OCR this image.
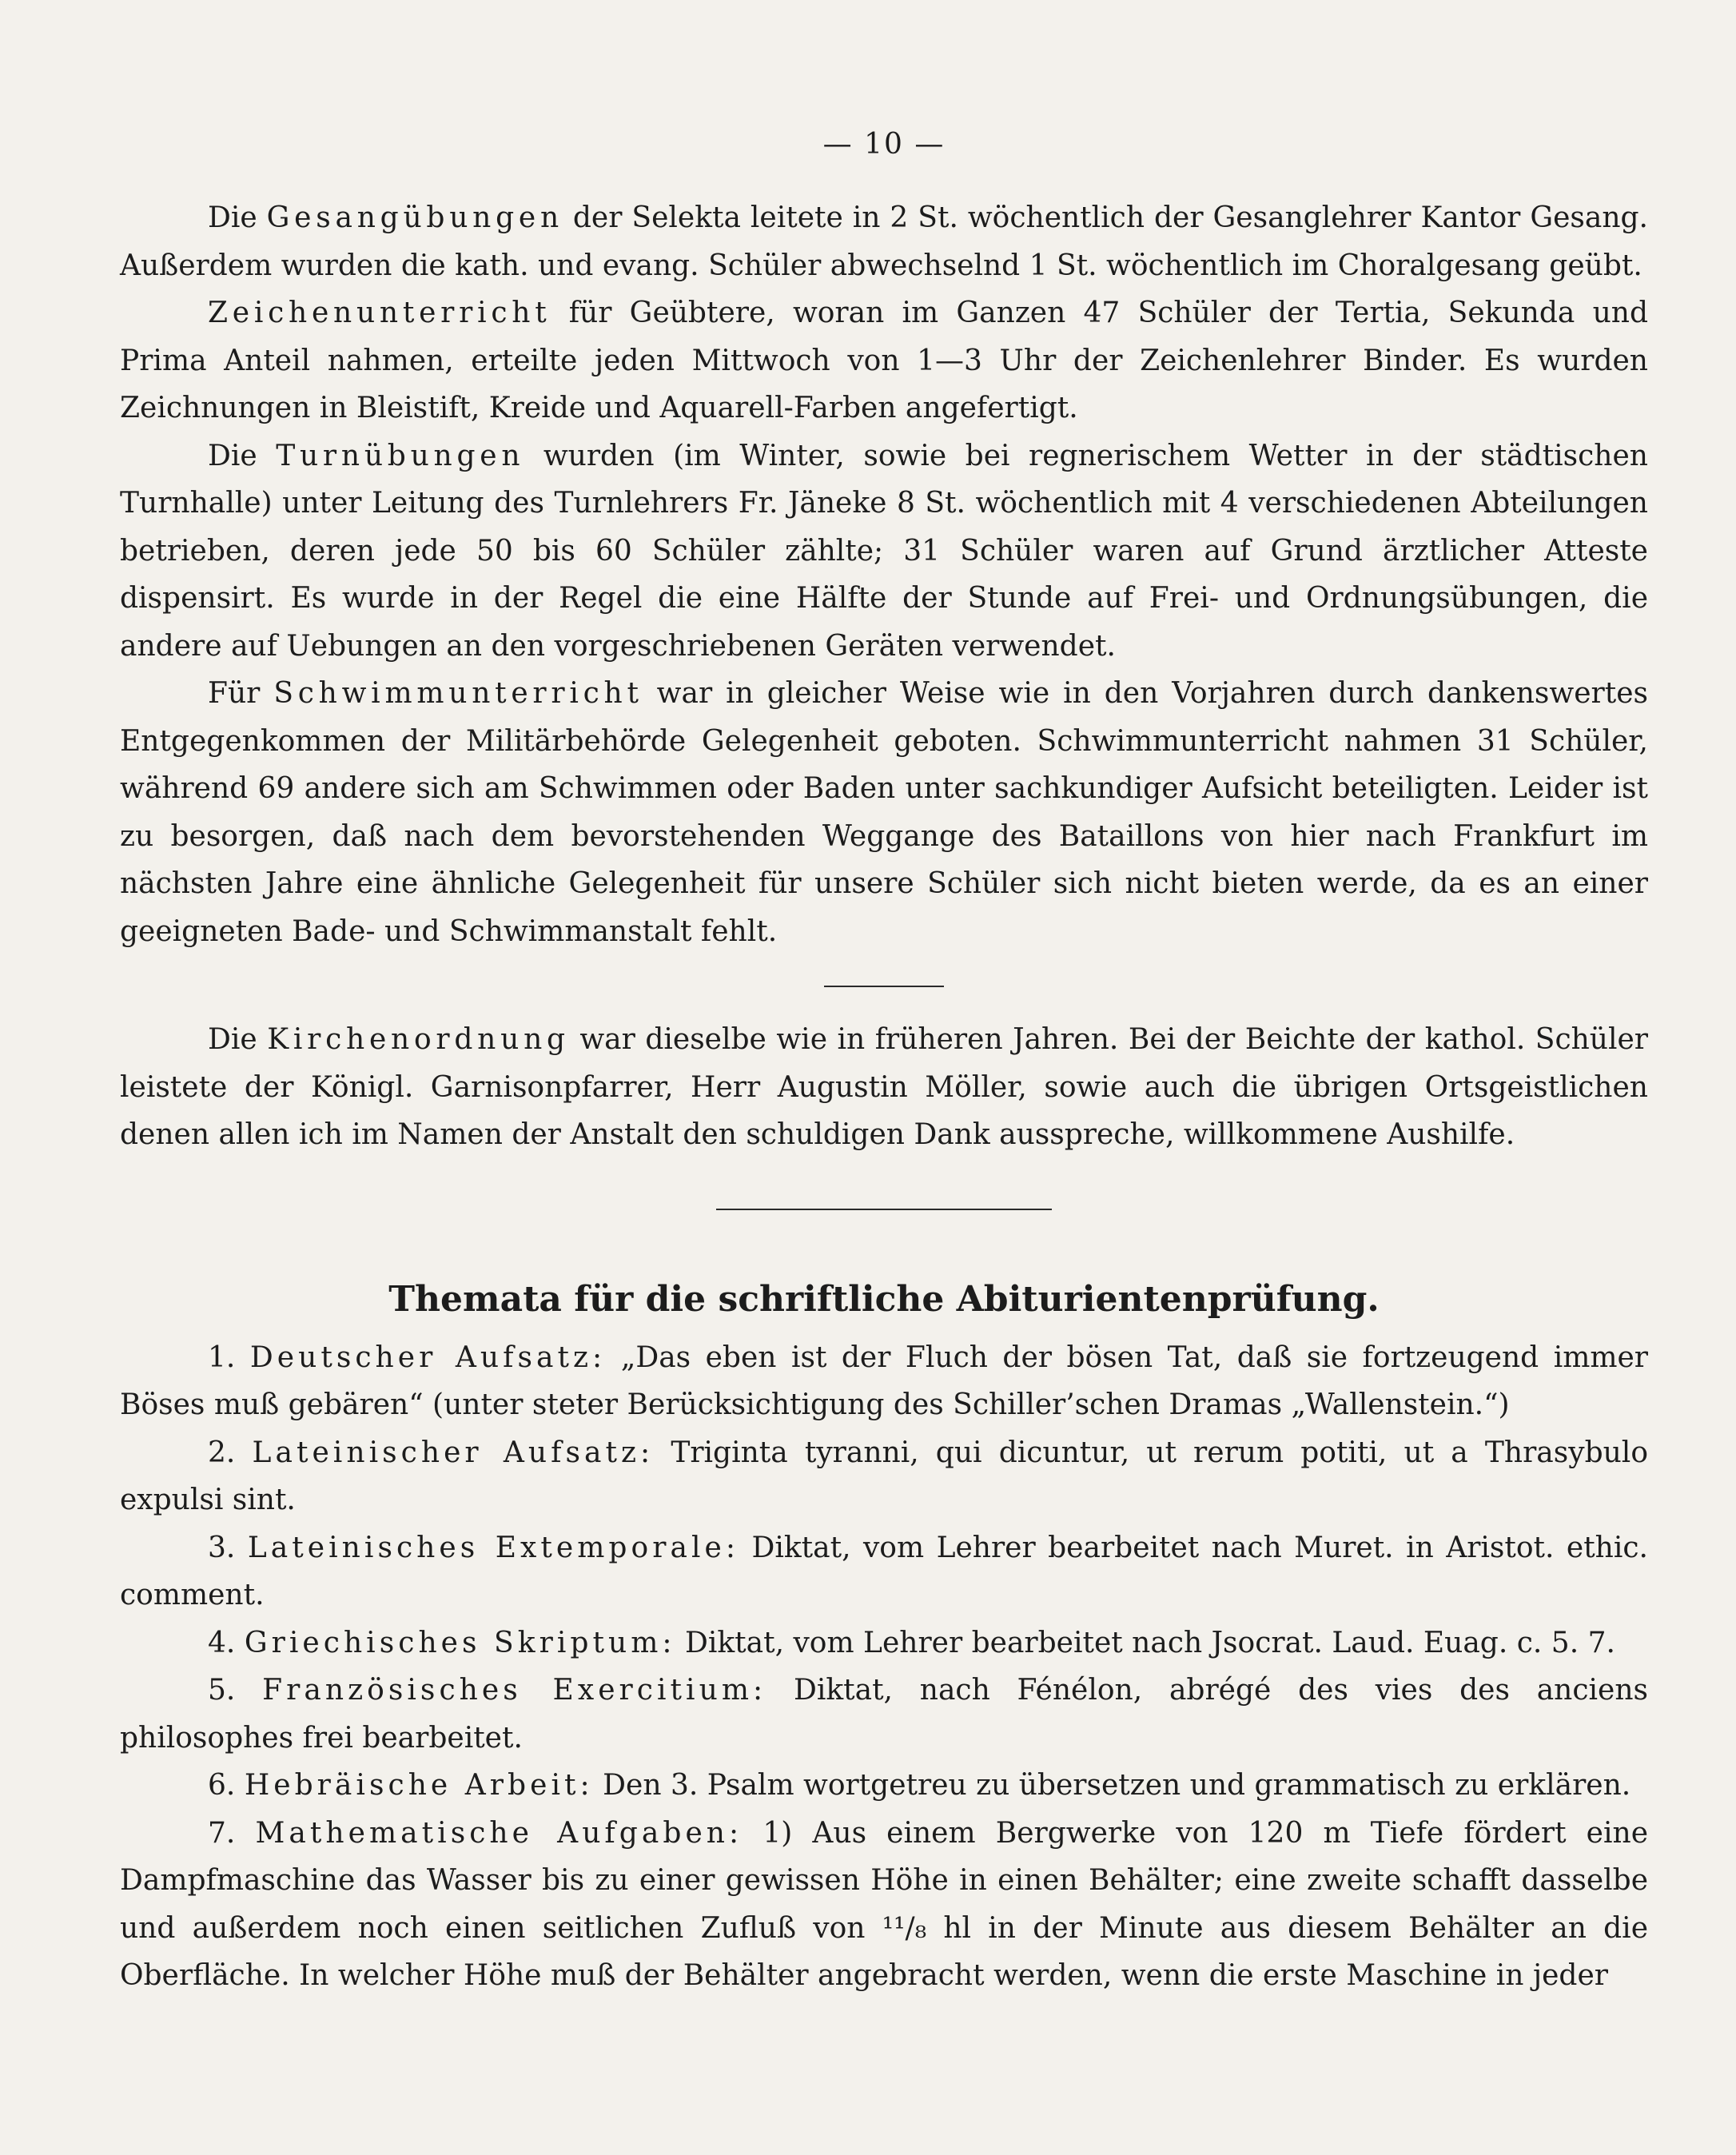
— 10 —

Die Gesangübungen der Selekta leitete in 2 St. wöchentlich der Gesanglehrer Kantor Gesang. Außerdem wurden die kath. und evang. Schüler abwechselnd 1 St. wöchentlich im Choralgesang geübt.

Zeichenunterricht für Geübtere, woran im Ganzen 47 Schüler der Tertia, Sekunda und Prima Anteil nahmen, erteilte jeden Mittwoch von 1—3 Uhr der Zeichenlehrer Binder. Es wurden Zeichnungen in Bleistift, Kreide und Aquarell-Farben angefertigt.

Die Turnübungen wurden (im Winter, sowie bei regnerischem Wetter in der städtischen Turnhalle) unter Leitung des Turnlehrers Fr. Jäneke 8 St. wöchentlich mit 4 verschiedenen Abteilungen betrieben, deren jede 50 bis 60 Schüler zählte; 31 Schüler waren auf Grund ärztlicher Atteste dispensirt. Es wurde in der Regel die eine Hälfte der Stunde auf Frei- und Ordnungsübungen, die andere auf Uebungen an den vorgeschriebenen Geräten verwendet.

Für Schwimmunterricht war in gleicher Weise wie in den Vorjahren durch dankenswertes Entgegenkommen der Militärbehörde Gelegenheit geboten. Schwimmunterricht nahmen 31 Schüler, während 69 andere sich am Schwimmen oder Baden unter sachkundiger Aufsicht beteiligten. Leider ist zu besorgen, daß nach dem bevorstehenden Weggange des Bataillons von hier nach Frankfurt im nächsten Jahre eine ähnliche Gelegenheit für unsere Schüler sich nicht bieten werde, da es an einer geeigneten Bade- und Schwimmanstalt fehlt.

Die Kirchenordnung war dieselbe wie in früheren Jahren. Bei der Beichte der kathol. Schüler leistete der Königl. Garnisonpfarrer, Herr Augustin Möller, sowie auch die übrigen Ortsgeistlichen denen allen ich im Namen der Anstalt den schuldigen Dank ausspreche, willkommene Aushilfe.

Themata für die schriftliche Abiturientenprüfung.

1. Deutscher Aufsatz: „Das eben ist der Fluch der bösen Tat, daß sie fortzeugend immer Böses muß gebären“ (unter steter Berücksichtigung des Schiller’schen Dramas „Wallenstein.“)

2. Lateinischer Aufsatz: Triginta tyranni, qui dicuntur, ut rerum potiti, ut a Thrasybulo expulsi sint.

3. Lateinisches Extemporale: Diktat, vom Lehrer bearbeitet nach Muret. in Aristot. ethic. comment.

4. Griechisches Skriptum: Diktat, vom Lehrer bearbeitet nach Jsocrat. Laud. Euag. c. 5. 7.

5. Französisches Exercitium: Diktat, nach Fénélon, abrégé des vies des anciens philosophes frei bearbeitet.

6. Hebräische Arbeit: Den 3. Psalm wortgetreu zu übersetzen und grammatisch zu erklären.

7. Mathematische Aufgaben: 1) Aus einem Bergwerke von 120 m Tiefe fördert eine Dampfmaschine das Wasser bis zu einer gewissen Höhe in einen Behälter; eine zweite schafft dasselbe und außerdem noch einen seitlichen Zufluß von ¹¹/₈ hl in der Minute aus diesem Behälter an die Oberfläche. In welcher Höhe muß der Behälter angebracht werden, wenn die erste Maschine in jeder
